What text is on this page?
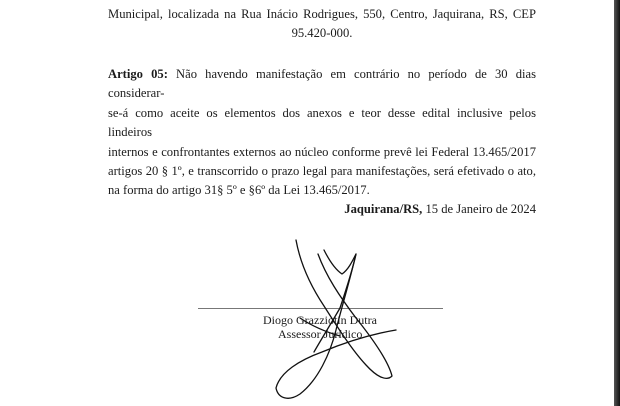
Municipal, localizada na Rua Inácio Rodrigues, 550, Centro, Jaquirana, RS, CEP
95.420-000.
Artigo 05: Não havendo manifestação em contrário no período de 30 dias considerar-
se-á como aceite os elementos dos anexos e teor desse edital inclusive pelos lindeiros
internos e confrontantes externos ao núcleo conforme prevê lei Federal 13.465/2017
artigos 20 § 1º, e transcorrido o prazo legal para manifestações, será efetivado o ato,
na forma do artigo 31§ 5º e §6º da Lei 13.465/2017.
Jaquirana/RS, 15 de Janeiro de 2024
Diogo Grazziotin Dutra
Assessor Jurídico
